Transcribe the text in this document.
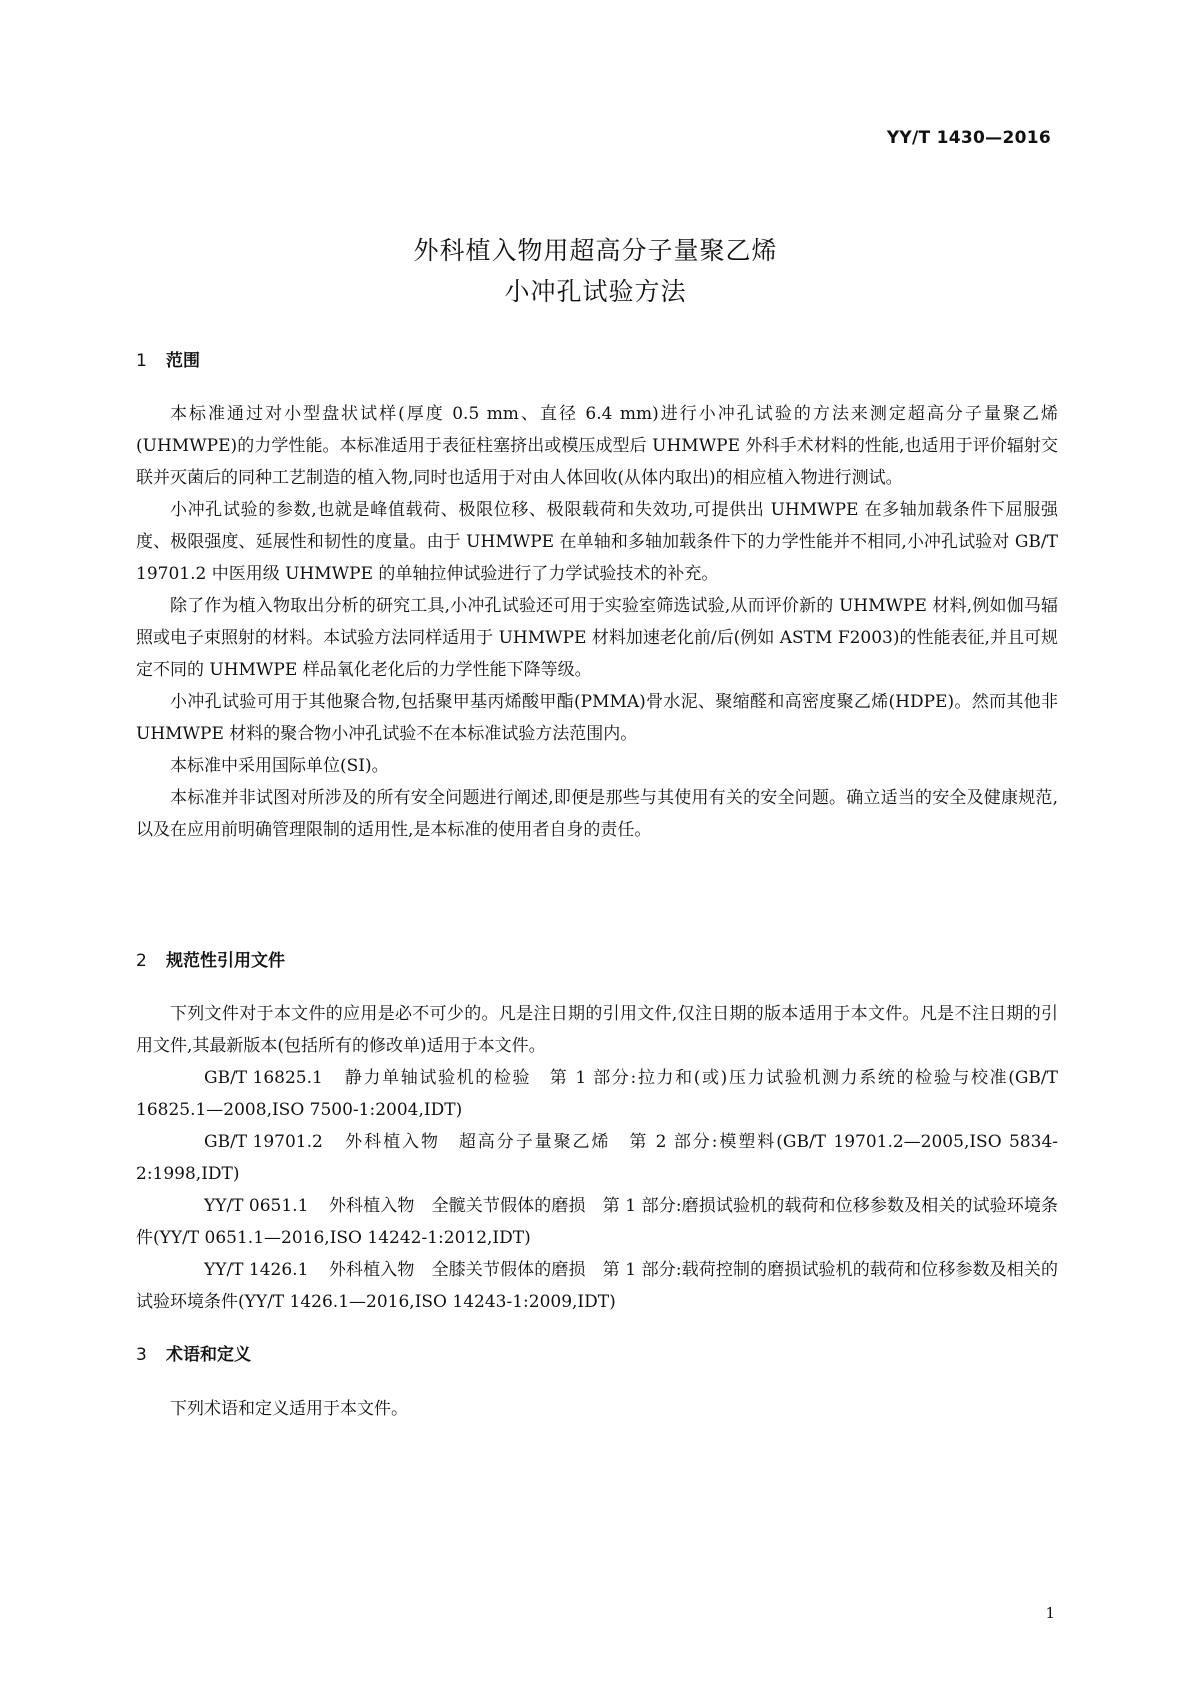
YY/T 1430—2016
外科植入物用超高分子量聚乙烯
小冲孔试验方法
1 范围

本标准通过对小型盘状试样(厚度 0.5 mm、直径 6.4 mm)进行小冲孔试验的方法来测定超高分子量聚乙烯(UHMWPE)的力学性能。本标准适用于表征柱塞挤出或模压成型后 UHMWPE 外科手术材料的性能,也适用于评价辐射交联并灭菌后的同种工艺制造的植入物,同时也适用于对由人体回收(从体内取出)的相应植入物进行测试。

小冲孔试验的参数,也就是峰值载荷、极限位移、极限载荷和失效功,可提供出 UHMWPE 在多轴加载条件下屈服强度、极限强度、延展性和韧性的度量。由于 UHMWPE 在单轴和多轴加载条件下的力学性能并不相同,小冲孔试验对 GB/T 19701.2 中医用级 UHMWPE 的单轴拉伸试验进行了力学试验技术的补充。

除了作为植入物取出分析的研究工具,小冲孔试验还可用于实验室筛选试验,从而评价新的 UHMWPE 材料,例如伽马辐照或电子束照射的材料。本试验方法同样适用于 UHMWPE 材料加速老化前/后(例如 ASTM F2003)的性能表征,并且可规定不同的 UHMWPE 样品氧化老化后的力学性能下降等级。

小冲孔试验可用于其他聚合物,包括聚甲基丙烯酸甲酯(PMMA)骨水泥、聚缩醛和高密度聚乙烯(HDPE)。然而其他非 UHMWPE 材料的聚合物小冲孔试验不在本标准试验方法范围内。

本标准中采用国际单位(SI)。

本标准并非试图对所涉及的所有安全问题进行阐述,即便是那些与其使用有关的安全问题。确立适当的安全及健康规范,以及在应用前明确管理限制的适用性,是本标准的使用者自身的责任。

2 规范性引用文件

下列文件对于本文件的应用是必不可少的。凡是注日期的引用文件,仅注日期的版本适用于本文件。凡是不注日期的引用文件,其最新版本(包括所有的修改单)适用于本文件。

GB/T 16825.1 静力单轴试验机的检验　第 1 部分:拉力和(或)压力试验机测力系统的检验与校准(GB/T 16825.1—2008,ISO 7500-1:2004,IDT)

GB/T 19701.2 外科植入物　超高分子量聚乙烯　第 2 部分:模塑料(GB/T 19701.2—2005,ISO 5834-2:1998,IDT)

YY/T 0651.1 外科植入物　全髋关节假体的磨损　第 1 部分:磨损试验机的载荷和位移参数及相关的试验环境条件(YY/T 0651.1—2016,ISO 14242-1:2012,IDT)

YY/T 1426.1 外科植入物　全膝关节假体的磨损　第 1 部分:载荷控制的磨损试验机的载荷和位移参数及相关的试验环境条件(YY/T 1426.1—2016,ISO 14243-1:2009,IDT)

3 术语和定义

下列术语和定义适用于本文件。

1
